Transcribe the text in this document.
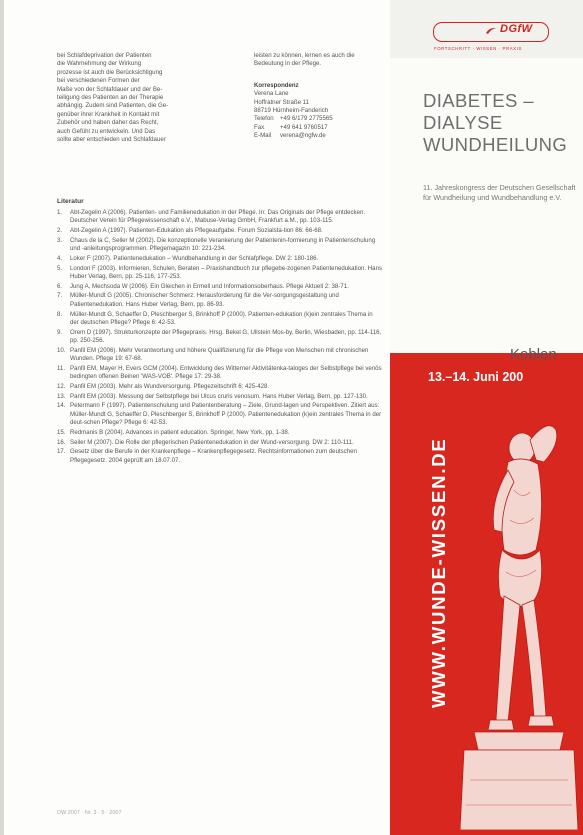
bei Schlafdeprivation der Patienten

die Wahrnehmung der Wirkung

prozesse ist auch die Berücksichtigung

bei verschiedenen Formen der

Maße von der Schlafdauer und der Be-

teiligung des Patienten an der Therapie

abhängig. Zudem sind Patienten, die Ge-

genüber ihrer Krankheit in Kontakt mit

Zubehör und haben daher das Recht,

auch Gefühl zu entwickeln. Und Das

sollte aber entschieden und Schlafdauer

leisten zu können, lernen es auch die

Bedeutung in der Pflege.

Korrespondenz

Verena Lane

Hoffratner Straße 11

88719 Hürnheim-Fanderich

Telefon	+49 6/179 2775565
Fax	+49 641 9760517
E-Mail	verena@ngfw.de
Literatur
1.	Abt-Zegelin A (2006). Patienten- und Familienedukation in der Pflege. In: Das Originals der Pflege entdecken. Deutscher Verein für Pflegewissenschaft e.V., Mabuse-Verlag GmbH, Frankfurt a.M., pp. 103-115.
2.	Abt-Zegelin A (1997). Patienten-Edukation als Pflegeaufgabe. Forum Sozialsta-tion 86: 66-68.
3.	Chaus de la C, Seller M (2002). Die konzeptionelle Verankerung der Patientenin-formierung in Patientenschulung und -anleitungsprogrammen. Pflegemagazin 10: 221-234.
4.	Loker F (2007). Patientenedukation – Wundbehandlung in der Schlafpflege. DW 2: 180-186.
5.	London F (2003). Informieren, Schulen, Beraten – Praxishandbuch zur pflegebe-zogenen Patientenedukation. Hans Huber Verlag, Bern, pp. 25-116, 177-253.
6.	Jung A, Mechsoda W (2006). Ein Gleichen in Ermell und Informationsoberhaus. Pflege Aktuell 2: 38-71.
7.	Müller-Mundt G (2005). Chronischer Schmerz. Herausforderung für die Ver-sorgungsgestaltung und Patientenedukation. Hans Huber Verlag, Bern, pp. 86-93.
8.	Müller-Mundt G, Schaeffer D, Pleschberger S, Brinkhoff P (2000). Patienten-edukation (k)ein zentrales Thema in der deutschen Pflege? Pflege 6: 42-53.
9.	Orem D (1997). Strukturkonzepte der Pflegepraxis. Hrsg. Bekel G, Ullstein Mos-by, Berlin, Wiesbaden, pp. 114-116, pp. 250-256.
10. Panfil EM (2006). Mehr Verantwortung und höhere Qualifizierung für die Pflege von Menschen mit chronischen Wunden. Pflege 19: 67-68.
11. Panfil EM, Mayer H, Evers GCM (2004). Entwicklung des Witterner Aktivitätenka-taloges der Selbstpflege bei venös bedingten offenen Beinen 'WAS-VOB'. Pflege 17: 29-38.
12. Panfil EM (2003). Mehr als Wundversorgung. Pflegezeitschrift 6: 425-428.
13. Panfil EM (2003). Messung der Selbstpflege bei Ulcus cruris venosum. Hans Huber Verlag, Bern, pp. 127-130.
14. Petermann F (1997). Patientenschulung und Patientenberatung – Ziele, Grund-lagen und Perspektiven. Zitiert aus: Müller-Mundt G, Schaeffer D, Pleschberger S, Brinkhoff P (2000). Patientenedukation (k)ein zentrales Thema in der deut-schen Pflege? Pflege 6: 42-53.
15. Redmanis B (2004). Advances in patient education. Springer, New York, pp. 1-38.
16. Seiler M (2007). Die Rolle der pflegerischen Patientenedukation in der Wund-versorgung. DW 2: 110-111.
17. Gesetz über die Berufe in der Krankenpflege – Krankenpflegegesetz. Rechtsinformationen zum deutschen Pflegegesetz. 2004 geprüft am 18.07.07.
DW 2007 · Nr. 3 · 5 · 2007
DGfW
FORTSCHRITT · WISSEN · PRAXIS
DIABETES –
DIALYSE
WUNDHEILUNG

11. Jahreskongress der Deutschen Gesellschaft für Wundheilung und Wundbehandlung e.V.

Koblen
13.–14. Juni 200
WWW.WUNDE-WISSEN.DE
